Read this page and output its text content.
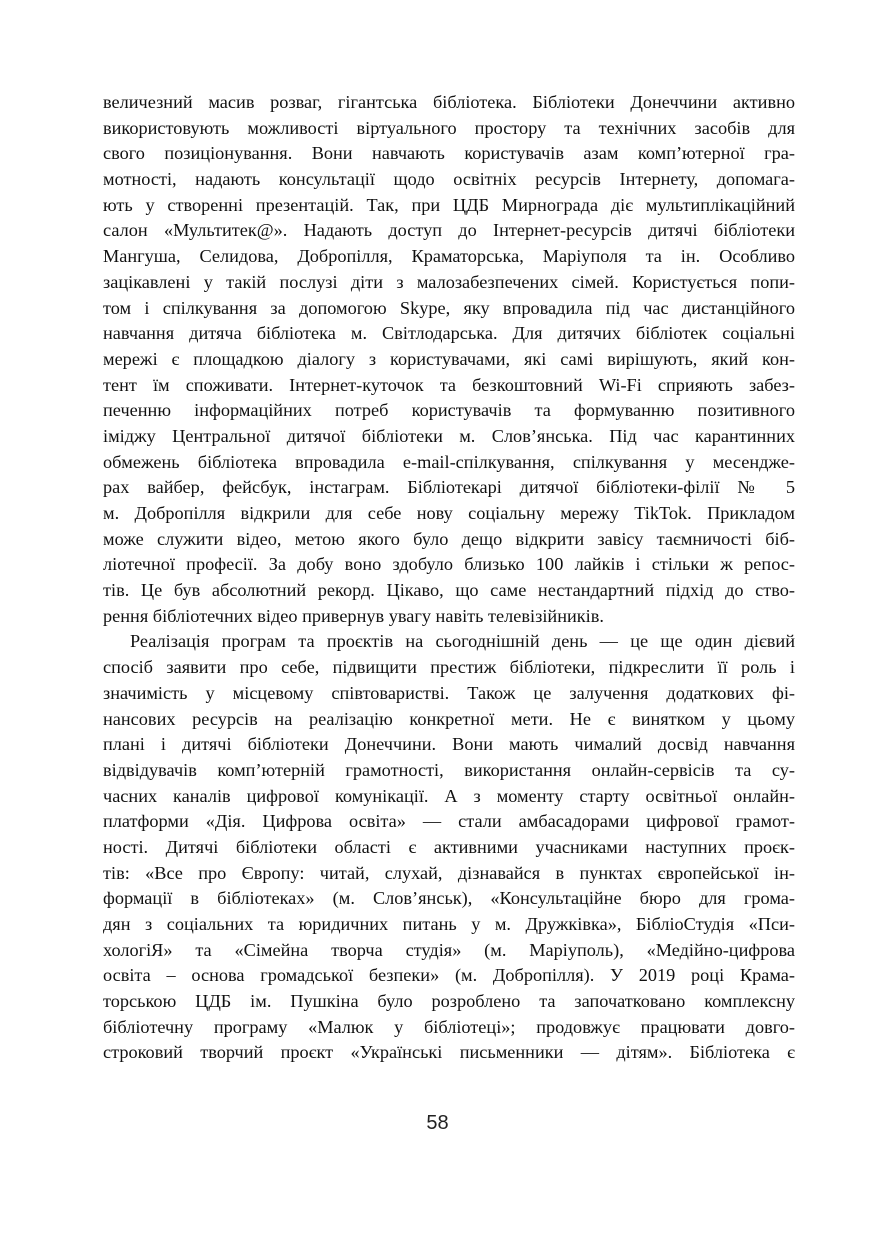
величезний масив розваг, гігантська бібліотека. Бібліотеки Донеччини активно
використовують можливості віртуального простору та технічних засобів для
свого позиціонування. Вони навчають користувачів азам комп’ютерної гра-
мотності, надають консультації щодо освітніх ресурсів Інтернету, допомага-
ють у створенні презентацій. Так, при ЦДБ Мирнограда діє мультиплікаційний
салон «Мультитек@». Надають доступ до Інтернет-ресурсів дитячі бібліотеки
Мангуша, Селидова, Добропілля, Краматорська, Маріуполя та ін. Особливо
зацікавлені у такій послузі діти з малозабезпечених сімей. Користується попи-
том і спілкування за допомогою Skype, яку впровадила під час дистанційного
навчання дитяча бібліотека м. Світлодарська. Для дитячих бібліотек соціальні
мережі є площадкою діалогу з користувачами, які самі вирішують, який кон-
тент їм споживати. Інтернет-куточок та безкоштовний Wi-Fi сприяють забез-
печенню інформаційних потреб користувачів та формуванню позитивного
іміджу Центральної дитячої бібліотеки м. Слов’янська. Під час карантинних
обмежень бібліотека впровадила e-mail-спілкування, спілкування у месендже-
рах вайбер, фейсбук, інстаграм. Бібліотекарі дитячої бібліотеки-філії № 5
м. Добропілля відкрили для себе нову соціальну мережу TikTok. Прикладом
може служити відео, метою якого було дещо відкрити завісу таємничості біб-
ліотечної професії. За добу воно здобуло близько 100 лайків і стільки ж репос-
тів. Це був абсолютний рекорд. Цікаво, що саме нестандартний підхід до ство-
рення бібліотечних відео привернув увагу навіть телевізійників.
Реалізація програм та проєктів на сьогоднішній день — це ще один дієвий
спосіб заявити про себе, підвищити престиж бібліотеки, підкреслити її роль і
значимість у місцевому співтоваристві. Також це залучення додаткових фі-
нансових ресурсів на реалізацію конкретної мети. Не є винятком у цьому
плані і дитячі бібліотеки Донеччини. Вони мають чималий досвід навчання
відвідувачів комп’ютерній грамотності, використання онлайн-сервісів та су-
часних каналів цифрової комунікації. А з моменту старту освітньої онлайн-
платформи «Дія. Цифрова освіта» — стали амбасадорами цифрової грамот-
ності. Дитячі бібліотеки області є активними учасниками наступних проєк-
тів: «Все про Європу: читай, слухай, дізнавайся в пунктах європейської ін-
формації в бібліотеках» (м. Слов’янськ), «Консультаційне бюро для грома-
дян з соціальних та юридичних питань у м. Дружківка», БібліоСтудія «Пси-
хологіЯ» та «Сімейна творча студія» (м. Маріуполь), «Медійно-цифрова
освіта – основа громадської безпеки» (м. Добропілля). У 2019 році Крама-
торською ЦДБ ім. Пушкіна було розроблено та започатковано комплексну
бібліотечну програму «Малюк у бібліотеці»; продовжує працювати довго-
строковий творчий проєкт «Українські письменники — дітям». Бібліотека є
58
